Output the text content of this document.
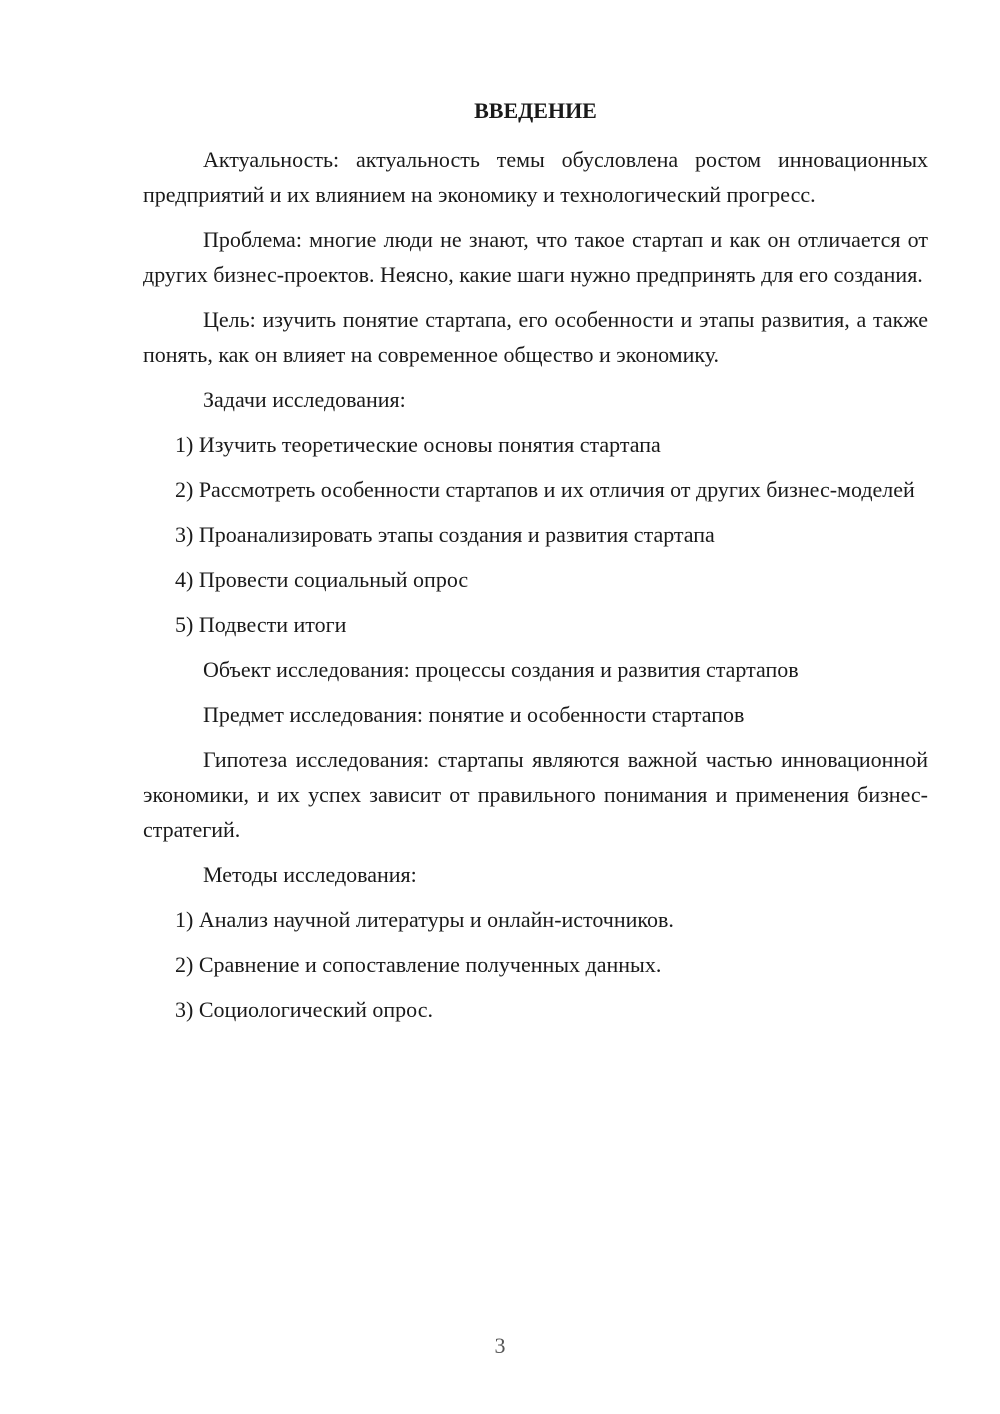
ВВЕДЕНИЕ

Актуальность: актуальность темы обусловлена ростом инновационных предприятий и их влиянием на экономику и технологический прогресс.

Проблема: многие люди не знают, что такое стартап и как он отличается от других бизнес-проектов. Неясно, какие шаги нужно предпринять для его создания.

Цель: изучить понятие стартапа, его особенности и этапы развития, а также понять, как он влияет на современное общество и экономику.

Задачи исследования:

1) Изучить теоретические основы понятия стартапа

2) Рассмотреть особенности стартапов и их отличия от других бизнес-моделей

3) Проанализировать этапы создания и развития стартапа

4) Провести социальный опрос

5) Подвести итоги

Объект исследования: процессы создания и развития стартапов

Предмет исследования: понятие и особенности стартапов

Гипотеза исследования: стартапы являются важной частью инновационной экономики, и их успех зависит от правильного понимания и применения бизнес-стратегий.

Методы исследования:

1) Анализ научной литературы и онлайн-источников.

2) Сравнение и сопоставление полученных данных.

3) Социологический опрос.

3
